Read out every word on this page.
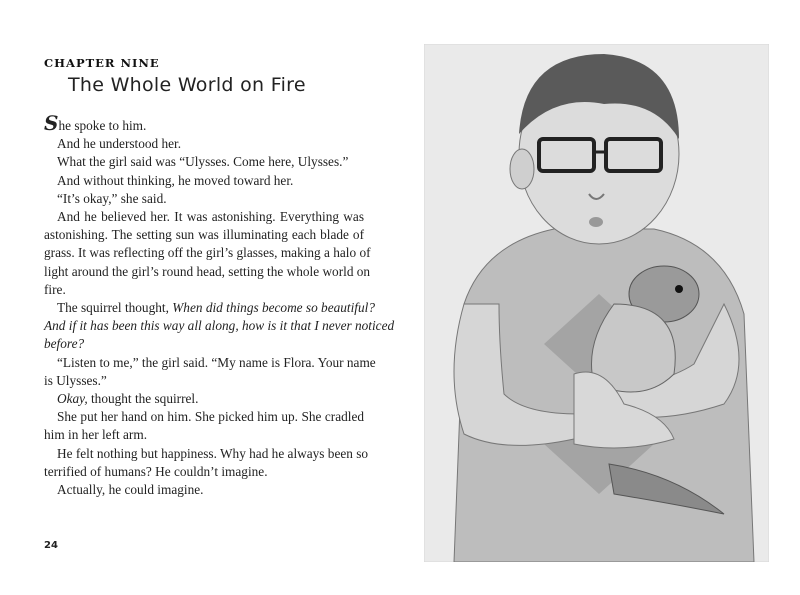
CHAPTER NINE
The Whole World on Fire
She spoke to him.
And he understood her.
What the girl said was “Ulysses. Come here, Ulysses.”
And without thinking, he moved toward her.
“It’s okay,” she said.
And he believed her. It was astonishing. Everything was
astonishing. The setting sun was illuminating each blade of
grass. It was reflecting off the girl’s glasses, making a halo of
light around the girl’s round head, setting the whole world on
fire.
The squirrel thought, When did things become so beautiful?
And if it has been this way all along, how is it that I never noticed
before?
“Listen to me,” the girl said. “My name is Flora. Your name
is Ulysses.”
Okay, thought the squirrel.
She put her hand on him. She picked him up. She cradled
him in her left arm.
He felt nothing but happiness. Why had he always been so
terrified of humans? He couldn’t imagine.
Actually, he could imagine.
24
